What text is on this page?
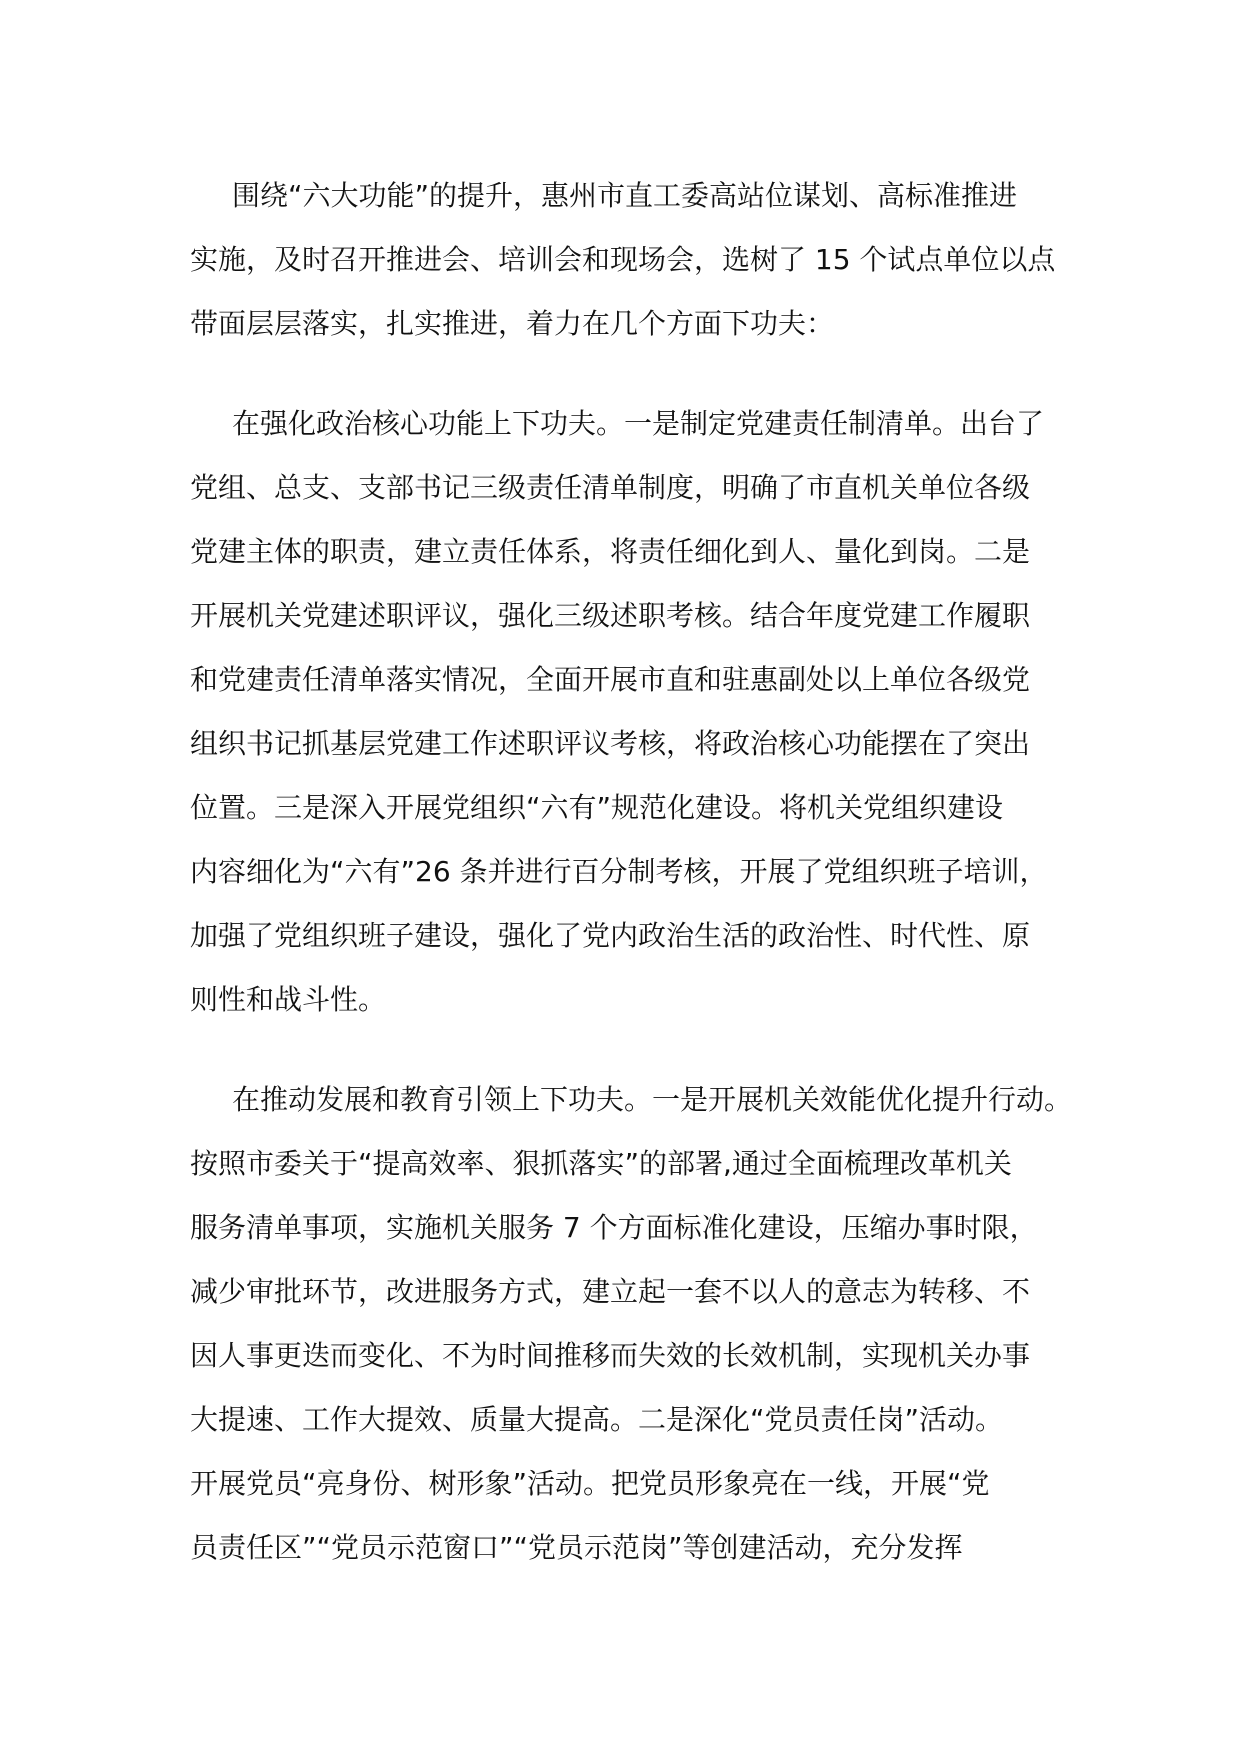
围绕“六大功能”的提升，惠州市直工委高站位谋划、高标准推进
实施，及时召开推进会、培训会和现场会，选树了 15 个试点单位以点
带面层层落实，扎实推进，着力在几个方面下功夫：
在强化政治核心功能上下功夫。一是制定党建责任制清单。出台了
党组、总支、支部书记三级责任清单制度，明确了市直机关单位各级
党建主体的职责，建立责任体系，将责任细化到人、量化到岗。二是
开展机关党建述职评议，强化三级述职考核。结合年度党建工作履职
和党建责任清单落实情况，全面开展市直和驻惠副处以上单位各级党
组织书记抓基层党建工作述职评议考核，将政治核心功能摆在了突出
位置。三是深入开展党组织“六有”规范化建设。将机关党组织建设
内容细化为“六有”26 条并进行百分制考核，开展了党组织班子培训，
加强了党组织班子建设，强化了党内政治生活的政治性、时代性、原
则性和战斗性。
在推动发展和教育引领上下功夫。一是开展机关效能优化提升行动。
按照市委关于“提高效率、狠抓落实”的部署,通过全面梳理改革机关
服务清单事项，实施机关服务 7 个方面标准化建设，压缩办事时限，
减少审批环节，改进服务方式，建立起一套不以人的意志为转移、不
因人事更迭而变化、不为时间推移而失效的长效机制，实现机关办事
大提速、工作大提效、质量大提高。二是深化“党员责任岗”活动。
开展党员“亮身份、树形象”活动。把党员形象亮在一线，开展“党
员责任区”“党员示范窗口”“党员示范岗”等创建活动，充分发挥
